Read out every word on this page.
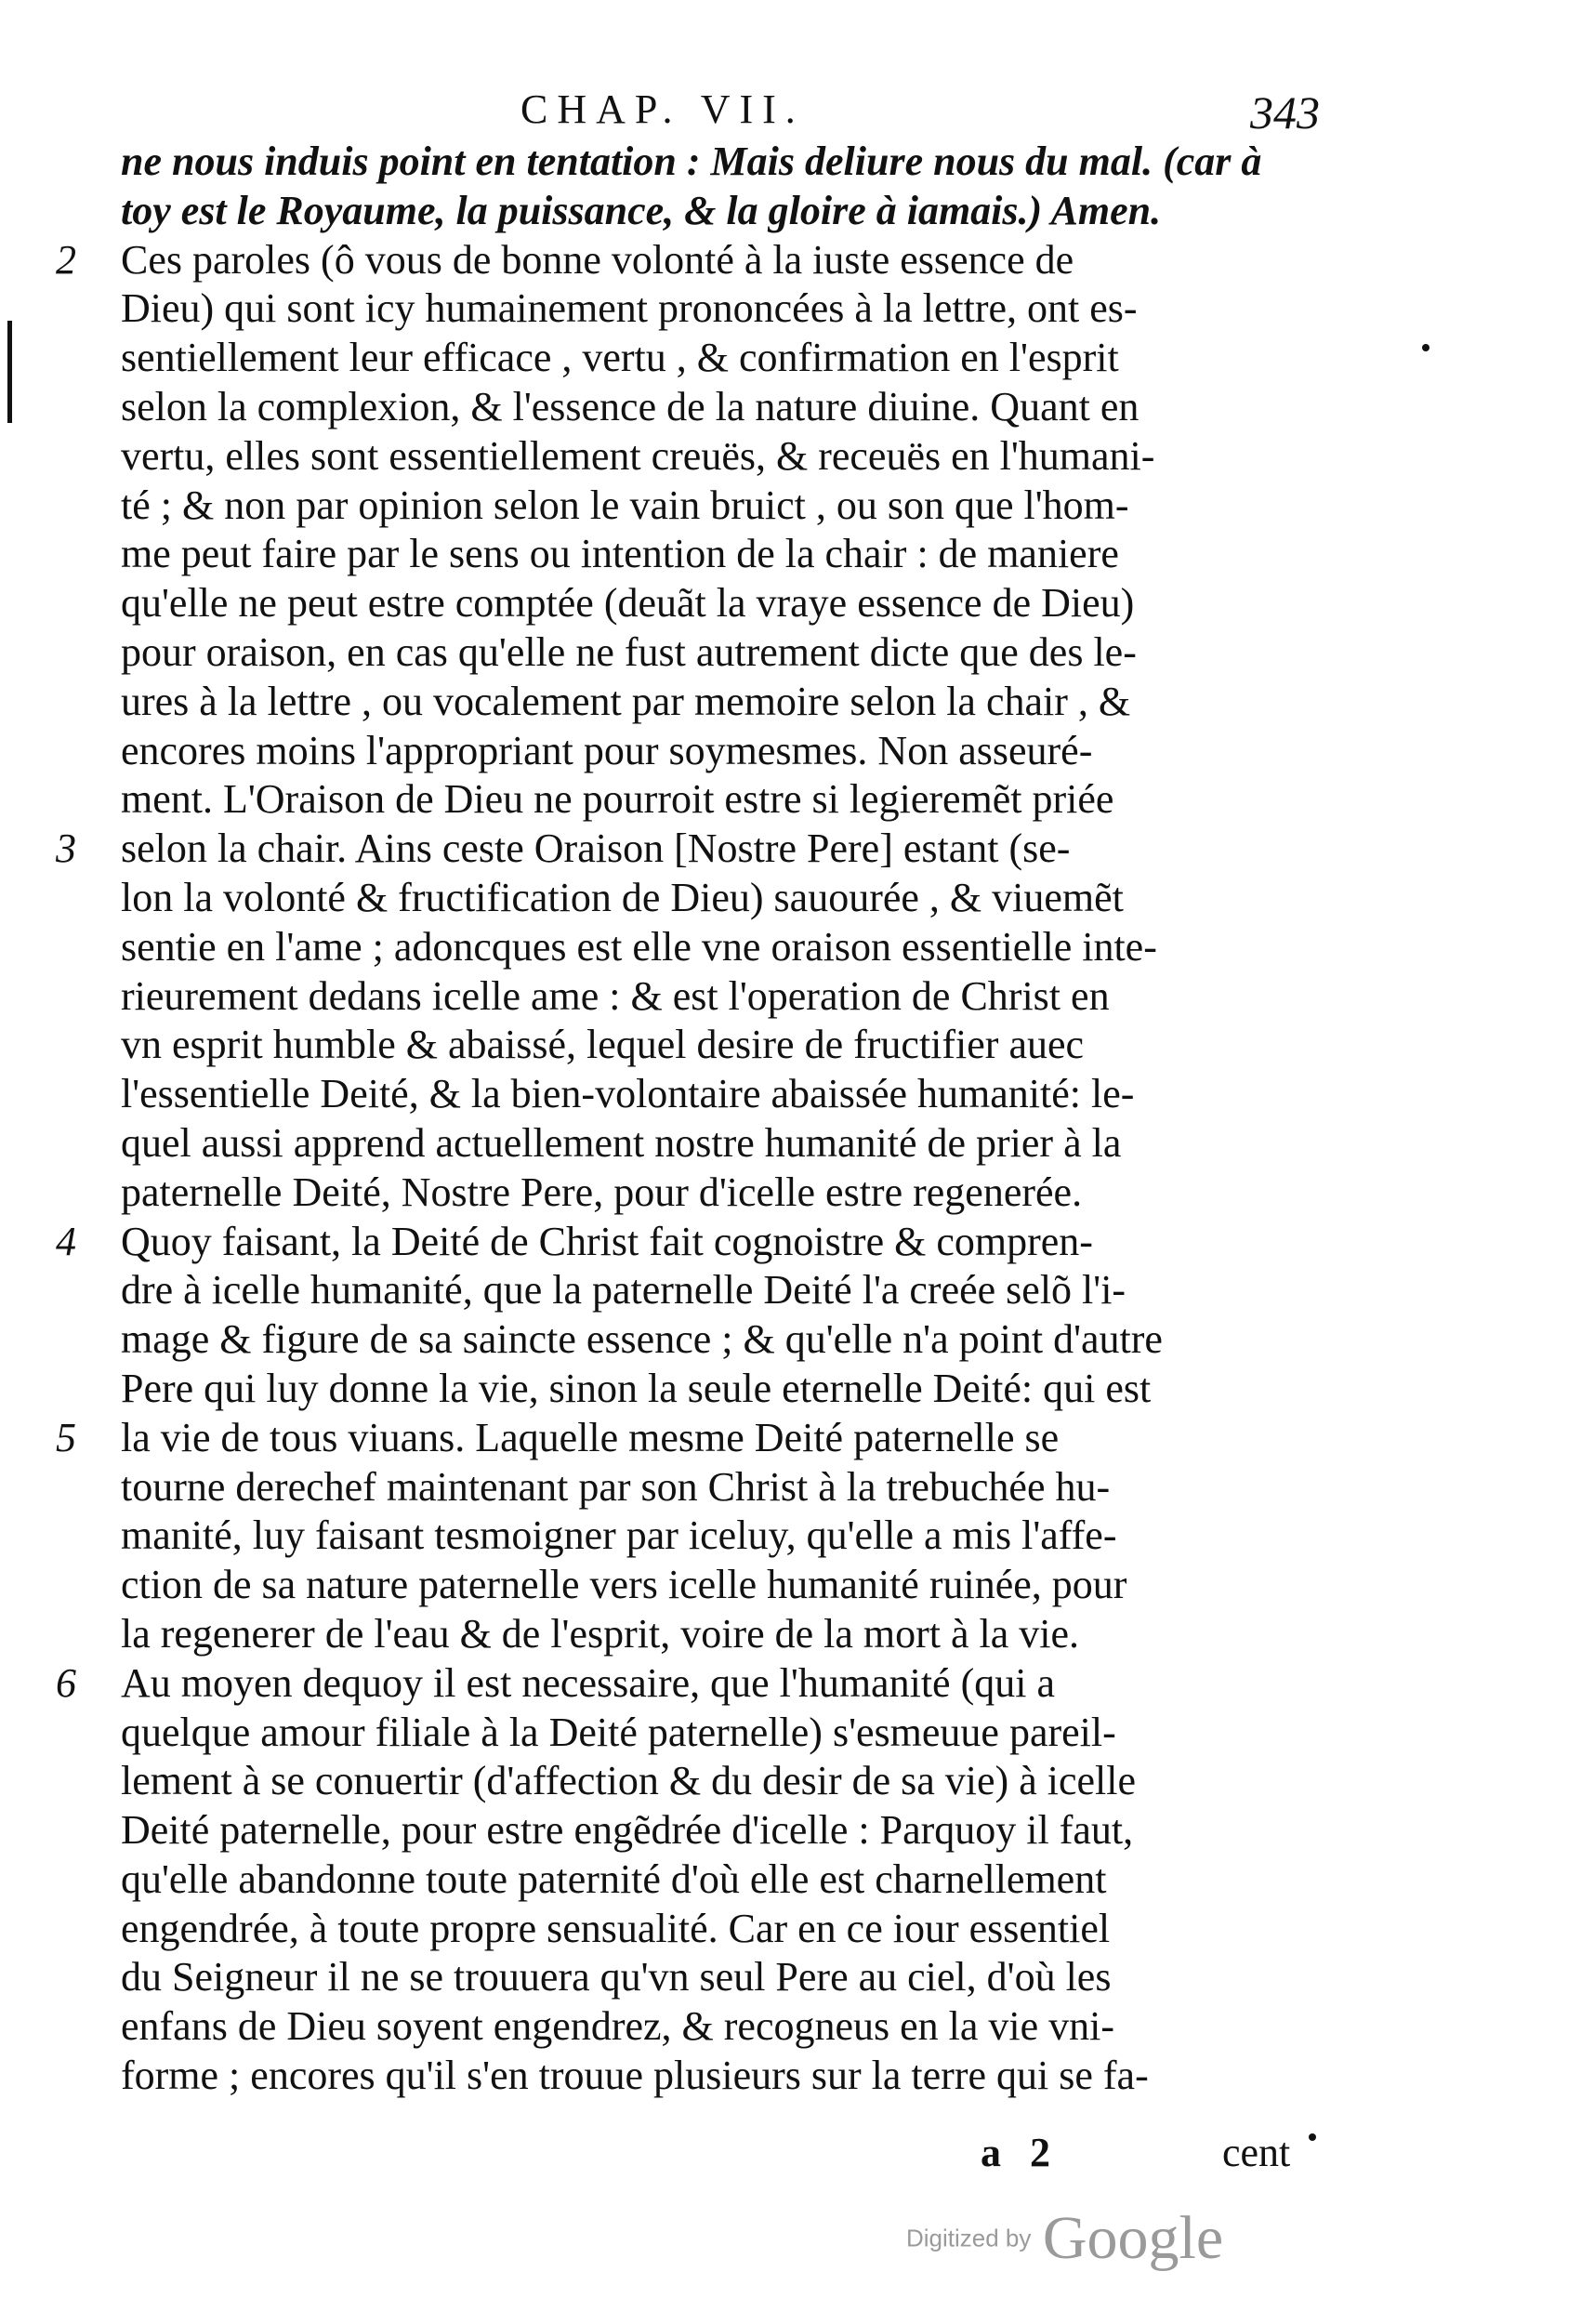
CHAP. VII.	343
ne nous induis point en tentation : Mais deliure nous du mal. (car à
toy est le Royaume, la puissance, & la gloire à iamais.) Amen.
2 Ces paroles (ô vous de bonne volonté à la iuste essence de
Dieu) qui sont icy humainement prononcées à la lettre, ont es-
sentiellement leur efficace , vertu , & confirmation en l'esprit
selon la complexion, & l'essence de la nature diuine. Quant en
vertu, elles sont essentiellement creuës, & receuës en l'humani-
té ; & non par opinion selon le vain bruict , ou son que l'hom-
me peut faire par le sens ou intention de la chair : de maniere
qu'elle ne peut estre comptée (deuãt la vraye essence de Dieu)
pour oraison, en cas qu'elle ne fust autrement dicte que des le-
ures à la lettre , ou vocalement par memoire selon la chair , &
encores moins l'appropriant pour soymesmes. Non asseuré-
ment. L'Oraison de Dieu ne pourroit estre si legieremẽt priée
3 selon la chair. Ains ceste Oraison [Nostre Pere] estant (se-
lon la volonté & fructification de Dieu) sauourée , & viuemẽt
sentie en l'ame ; adoncques est elle vne oraison essentielle inte-
rieurement dedans icelle ame : & est l'operation de Christ en
vn esprit humble & abaissé, lequel desire de fructifier auec
l'essentielle Deité, & la bien-volontaire abaissée humanité: le-
quel aussi apprend actuellement nostre humanité de prier à la
paternelle Deité, Nostre Pere, pour d'icelle estre regenerée.
4 Quoy faisant, la Deité de Christ fait cognoistre & compren-
dre à icelle humanité, que la paternelle Deité l'a creée selõ l'i-
mage & figure de sa saincte essence ; & qu'elle n'a point d'autre
Pere qui luy donne la vie, sinon la seule eternelle Deité: qui est
5 la vie de tous viuans. Laquelle mesme Deité paternelle se
tourne derechef maintenant par son Christ à la trebuchée hu-
manité, luy faisant tesmoigner par iceluy, qu'elle a mis l'affe-
ction de sa nature paternelle vers icelle humanité ruinée, pour
la regenerer de l'eau & de l'esprit, voire de la mort à la vie.
6 Au moyen dequoy il est necessaire, que l'humanité (qui a
quelque amour filiale à la Deité paternelle) s'esmeuue pareil-
lement à se conuertir (d'affection & du desir de sa vie) à icelle
Deité paternelle, pour estre engẽdrée d'icelle : Parquoy il faut,
qu'elle abandonne toute paternité d'où elle est charnellement
engendrée, à toute propre sensualité. Car en ce iour essentiel
du Seigneur il ne se trouuera qu'vn seul Pere au ciel, d'où les
enfans de Dieu soyent engendrez, & recogneus en la vie vni-
forme ; encores qu'il s'en trouue plusieurs sur la terre qui se fa-
a 2	cent
Digitized by Google
